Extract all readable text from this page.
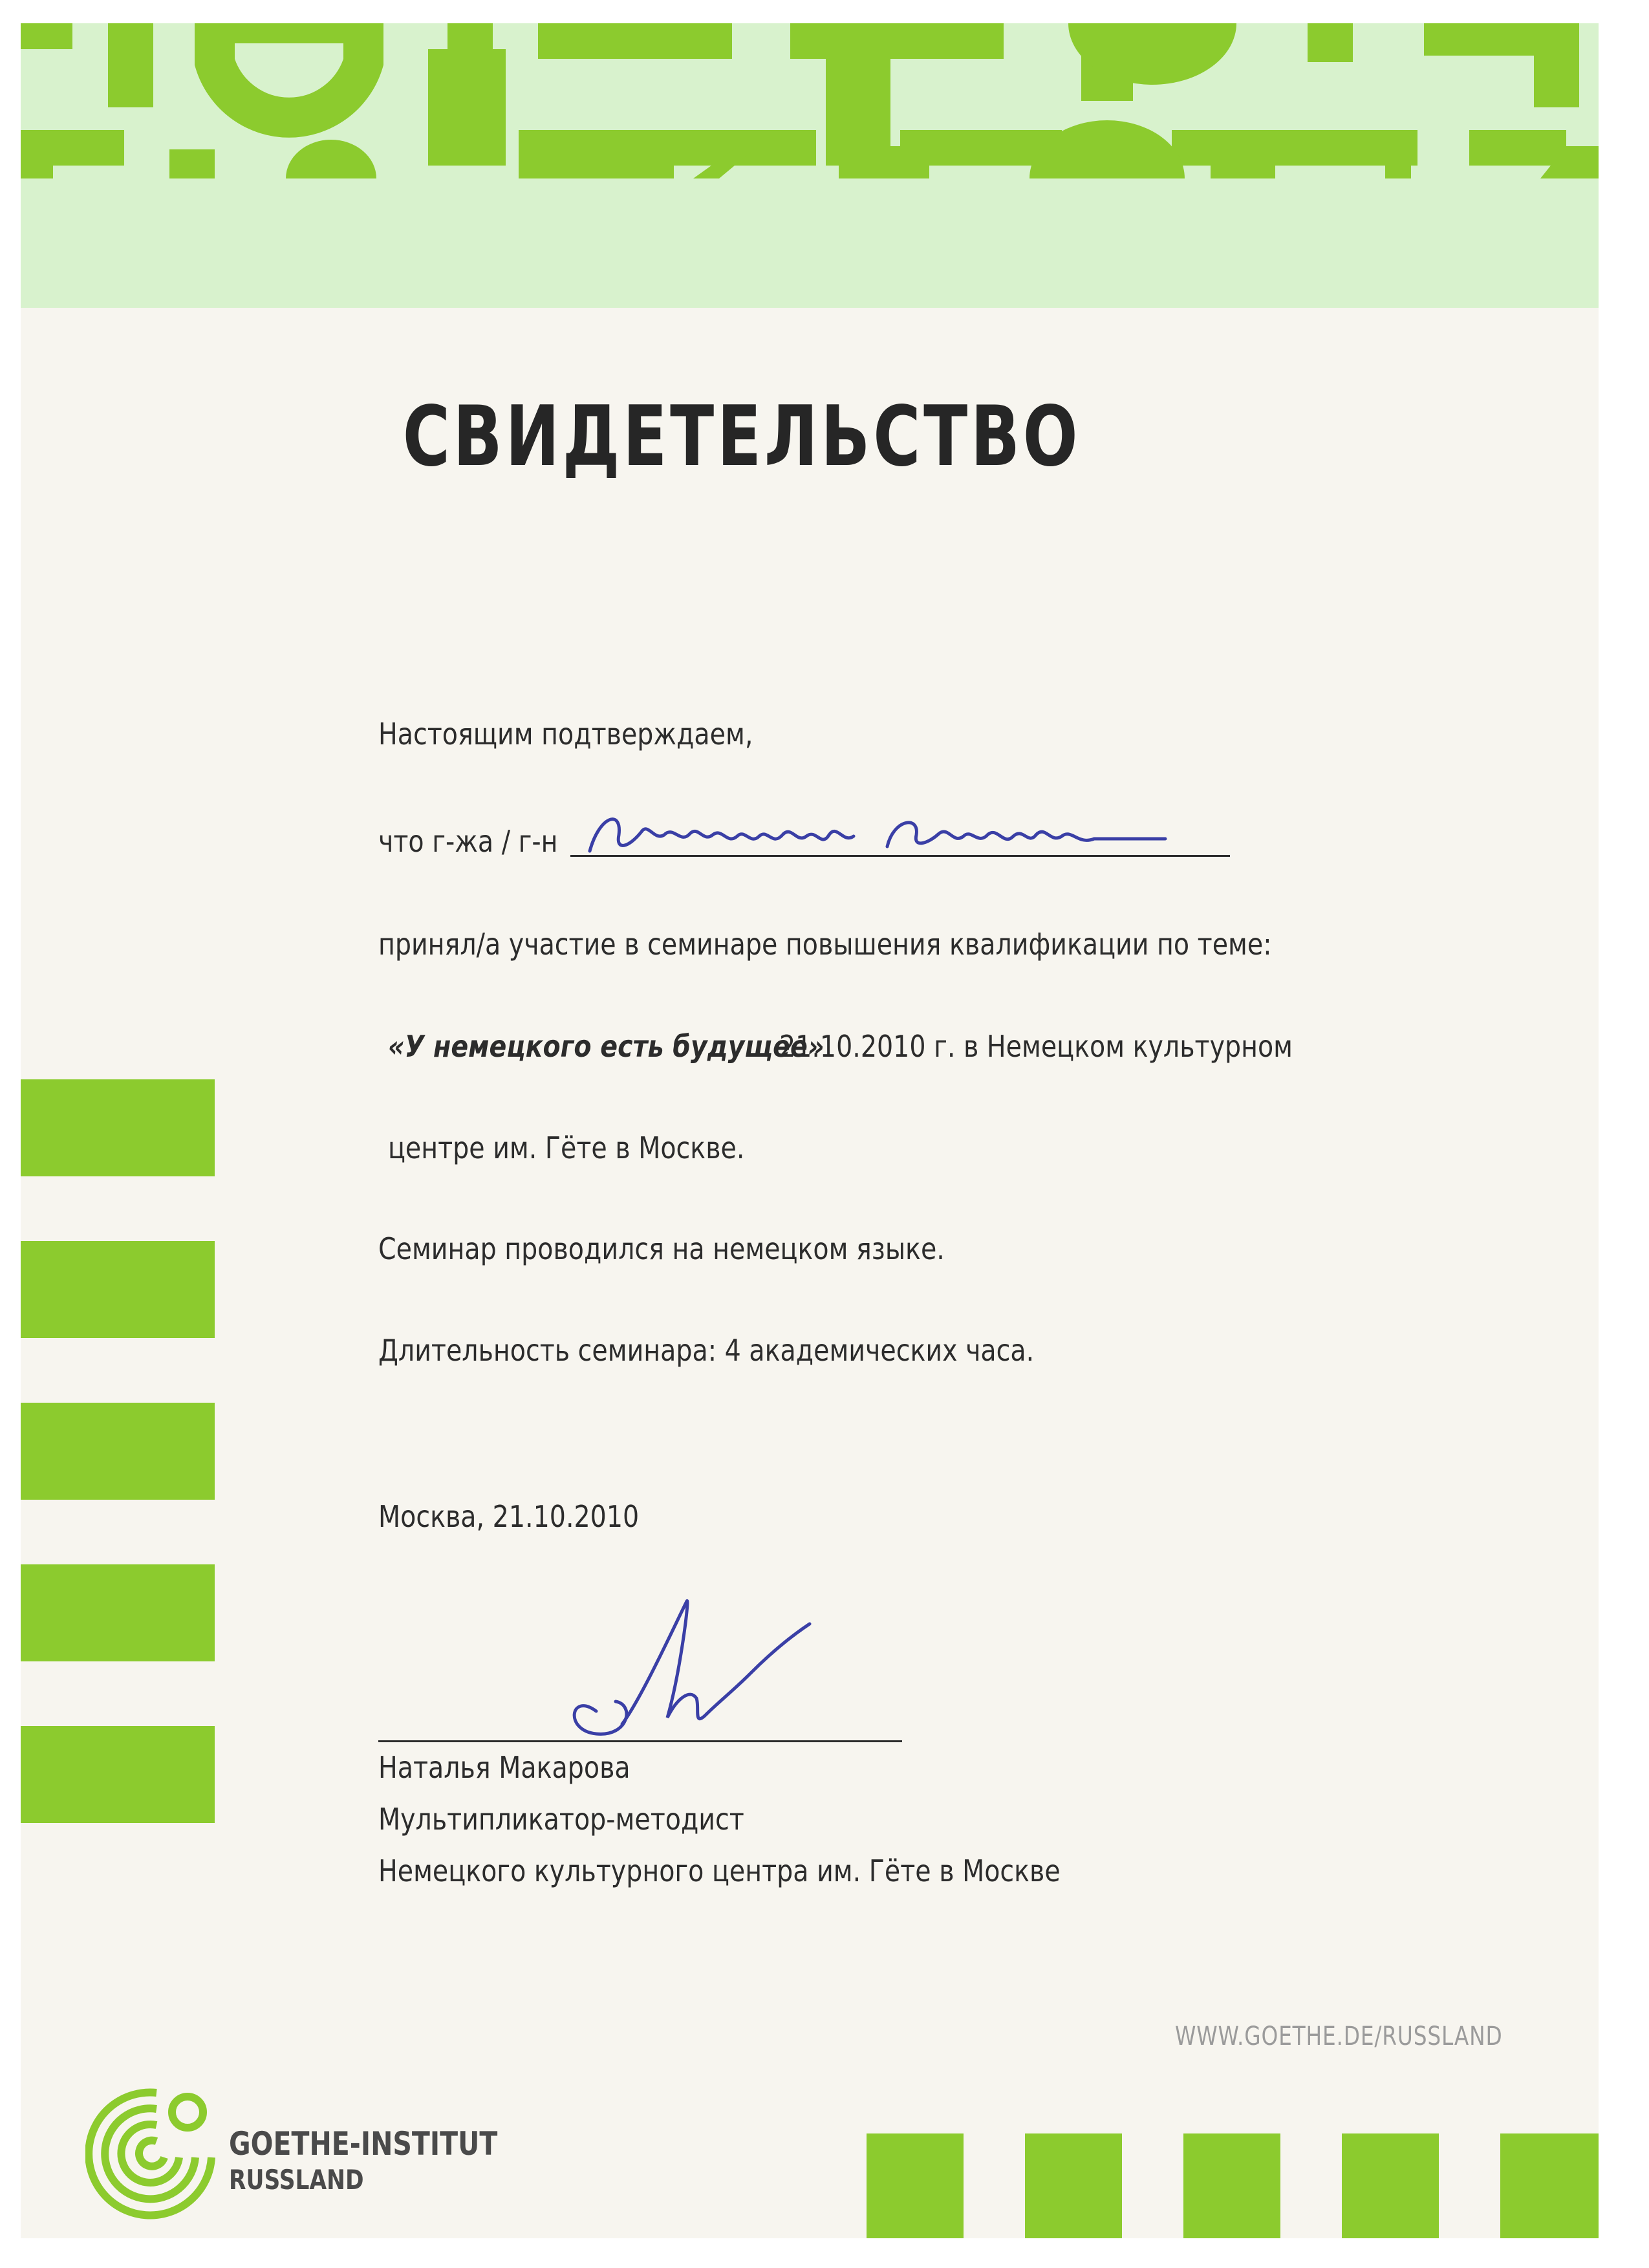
СВИДЕТЕЛЬСТВО
Настоящим подтверждаем,
что г-жа / г-н
принял/а участие в семинаре повышения квалификации по теме:
«У немецкого есть будущее»
21.10.2010 г. в Немецком культурном
центре им. Гёте в Москве.
Семинар проводился на немецком языке.
Длительность семинара: 4 академических часа.
Москва, 21.10.2010
Наталья Макарова
Мультипликатор-методист
Немецкого культурного центра им. Гёте в Москве
WWW.GOETHE.DE/RUSSLAND
GOETHE-INSTITUT
RUSSLAND
